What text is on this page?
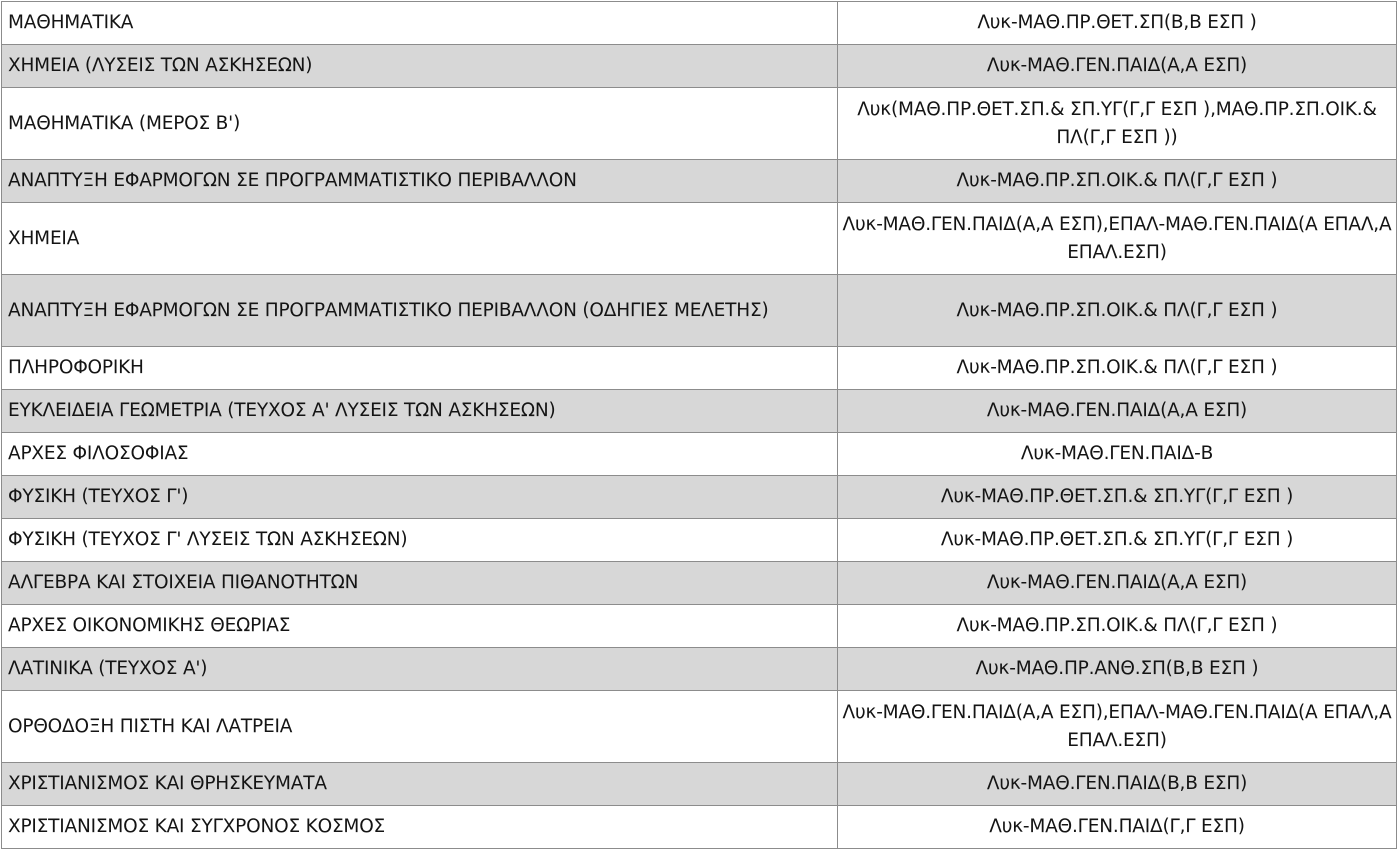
ΜΑΘΗΜΑΤΙΚΑ	Λυκ-ΜΑΘ.ΠΡ.ΘΕΤ.ΣΠ(Β,Β ΕΣΠ )
ΧΗΜΕΙΑ (ΛΥΣΕΙΣ ΤΩΝ ΑΣΚΗΣΕΩΝ)	Λυκ-ΜΑΘ.ΓΕΝ.ΠΑΙΔ(Α,Α ΕΣΠ)
ΜΑΘΗΜΑΤΙΚΑ (ΜΕΡΟΣ Β')	Λυκ(ΜΑΘ.ΠΡ.ΘΕΤ.ΣΠ.& ΣΠ.ΥΓ(Γ,Γ ΕΣΠ ),ΜΑΘ.ΠΡ.ΣΠ.ΟΙΚ.& ΠΛ(Γ,Γ ΕΣΠ ))
ΑΝΑΠΤΥΞΗ ΕΦΑΡΜΟΓΩΝ ΣΕ ΠΡΟΓΡΑΜΜΑΤΙΣΤΙΚΟ ΠΕΡΙΒΑΛΛΟΝ	Λυκ-ΜΑΘ.ΠΡ.ΣΠ.ΟΙΚ.& ΠΛ(Γ,Γ ΕΣΠ )
ΧΗΜΕΙΑ	Λυκ-ΜΑΘ.ΓΕΝ.ΠΑΙΔ(Α,Α ΕΣΠ),ΕΠΑΛ-ΜΑΘ.ΓΕΝ.ΠΑΙΔ(Α ΕΠΑΛ,Α ΕΠΑΛ.ΕΣΠ)
ΑΝΑΠΤΥΞΗ ΕΦΑΡΜΟΓΩΝ ΣΕ ΠΡΟΓΡΑΜΜΑΤΙΣΤΙΚΟ ΠΕΡΙΒΑΛΛΟΝ (ΟΔΗΓΙΕΣ ΜΕΛΕΤΗΣ)	Λυκ-ΜΑΘ.ΠΡ.ΣΠ.ΟΙΚ.& ΠΛ(Γ,Γ ΕΣΠ )
ΠΛΗΡΟΦΟΡΙΚΗ	Λυκ-ΜΑΘ.ΠΡ.ΣΠ.ΟΙΚ.& ΠΛ(Γ,Γ ΕΣΠ )
ΕΥΚΛΕΙΔΕΙΑ ΓΕΩΜΕΤΡΙΑ (ΤΕΥΧΟΣ Α' ΛΥΣΕΙΣ ΤΩΝ ΑΣΚΗΣΕΩΝ)	Λυκ-ΜΑΘ.ΓΕΝ.ΠΑΙΔ(Α,Α ΕΣΠ)
ΑΡΧΕΣ ΦΙΛΟΣΟΦΙΑΣ	Λυκ-ΜΑΘ.ΓΕΝ.ΠΑΙΔ-Β
ΦΥΣΙΚΗ (ΤΕΥΧΟΣ Γ')	Λυκ-ΜΑΘ.ΠΡ.ΘΕΤ.ΣΠ.& ΣΠ.ΥΓ(Γ,Γ ΕΣΠ )
ΦΥΣΙΚΗ (ΤΕΥΧΟΣ Γ' ΛΥΣΕΙΣ ΤΩΝ ΑΣΚΗΣΕΩΝ)	Λυκ-ΜΑΘ.ΠΡ.ΘΕΤ.ΣΠ.& ΣΠ.ΥΓ(Γ,Γ ΕΣΠ )
ΑΛΓΕΒΡΑ ΚΑΙ ΣΤΟΙΧΕΙΑ ΠΙΘΑΝΟΤΗΤΩΝ	Λυκ-ΜΑΘ.ΓΕΝ.ΠΑΙΔ(Α,Α ΕΣΠ)
ΑΡΧΕΣ ΟΙΚΟΝΟΜΙΚΗΣ ΘΕΩΡΙΑΣ	Λυκ-ΜΑΘ.ΠΡ.ΣΠ.ΟΙΚ.& ΠΛ(Γ,Γ ΕΣΠ )
ΛΑΤΙΝΙΚΑ (ΤΕΥΧΟΣ Α')	Λυκ-ΜΑΘ.ΠΡ.ΑΝΘ.ΣΠ(Β,Β ΕΣΠ )
ΟΡΘΟΔΟΞΗ ΠΙΣΤΗ ΚΑΙ ΛΑΤΡΕΙΑ	Λυκ-ΜΑΘ.ΓΕΝ.ΠΑΙΔ(Α,Α ΕΣΠ),ΕΠΑΛ-ΜΑΘ.ΓΕΝ.ΠΑΙΔ(Α ΕΠΑΛ,Α ΕΠΑΛ.ΕΣΠ)
ΧΡΙΣΤΙΑΝΙΣΜΟΣ ΚΑΙ ΘΡΗΣΚΕΥΜΑΤΑ	Λυκ-ΜΑΘ.ΓΕΝ.ΠΑΙΔ(Β,Β ΕΣΠ)
ΧΡΙΣΤΙΑΝΙΣΜΟΣ ΚΑΙ ΣΥΓΧΡΟΝΟΣ ΚΟΣΜΟΣ	Λυκ-ΜΑΘ.ΓΕΝ.ΠΑΙΔ(Γ,Γ ΕΣΠ)
